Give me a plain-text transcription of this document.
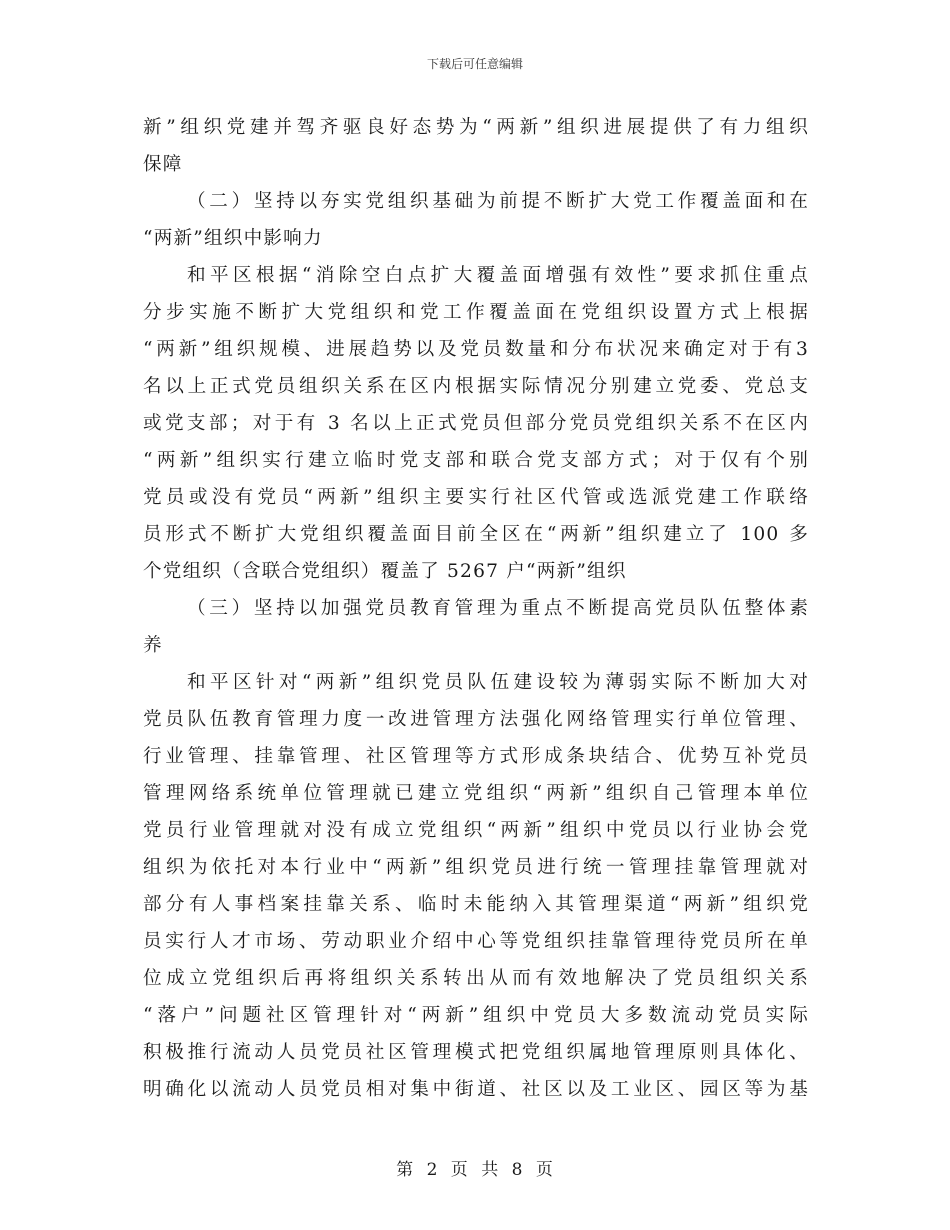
下载后可任意编辑
新”组织党建并驾齐驱良好态势为“两新”组织进展提供了有力组织
保障
（二）坚持以夯实党组织基础为前提不断扩大党工作覆盖面和在
“两新”组织中影响力
和平区根据“消除空白点扩大覆盖面增强有效性”要求抓住重点
分步实施不断扩大党组织和党工作覆盖面在党组织设置方式上根据
“两新”组织规模、进展趋势以及党员数量和分布状况来确定对于有3
名以上正式党员组织关系在区内根据实际情况分别建立党委、党总支
或党支部；对于有 3 名以上正式党员但部分党员党组织关系不在区内
“两新”组织实行建立临时党支部和联合党支部方式；对于仅有个别
党员或没有党员“两新”组织主要实行社区代管或选派党建工作联络
员形式不断扩大党组织覆盖面目前全区在“两新”组织建立了 100 多
个党组织（含联合党组织）覆盖了 5267 户“两新”组织
（三）坚持以加强党员教育管理为重点不断提高党员队伍整体素
养
和平区针对“两新”组织党员队伍建设较为薄弱实际不断加大对
党员队伍教育管理力度一改进管理方法强化网络管理实行单位管理、
行业管理、挂靠管理、社区管理等方式形成条块结合、优势互补党员
管理网络系统单位管理就已建立党组织“两新”组织自己管理本单位
党员行业管理就对没有成立党组织“两新”组织中党员以行业协会党
组织为依托对本行业中“两新”组织党员进行统一管理挂靠管理就对
部分有人事档案挂靠关系、临时未能纳入其管理渠道“两新”组织党
员实行人才市场、劳动职业介绍中心等党组织挂靠管理待党员所在单
位成立党组织后再将组织关系转出从而有效地解决了党员组织关系
“落户”问题社区管理针对“两新”组织中党员大多数流动党员实际
积极推行流动人员党员社区管理模式把党组织属地管理原则具体化、
明确化以流动人员党员相对集中街道、社区以及工业区、园区等为基
第 2 页 共 8 页
